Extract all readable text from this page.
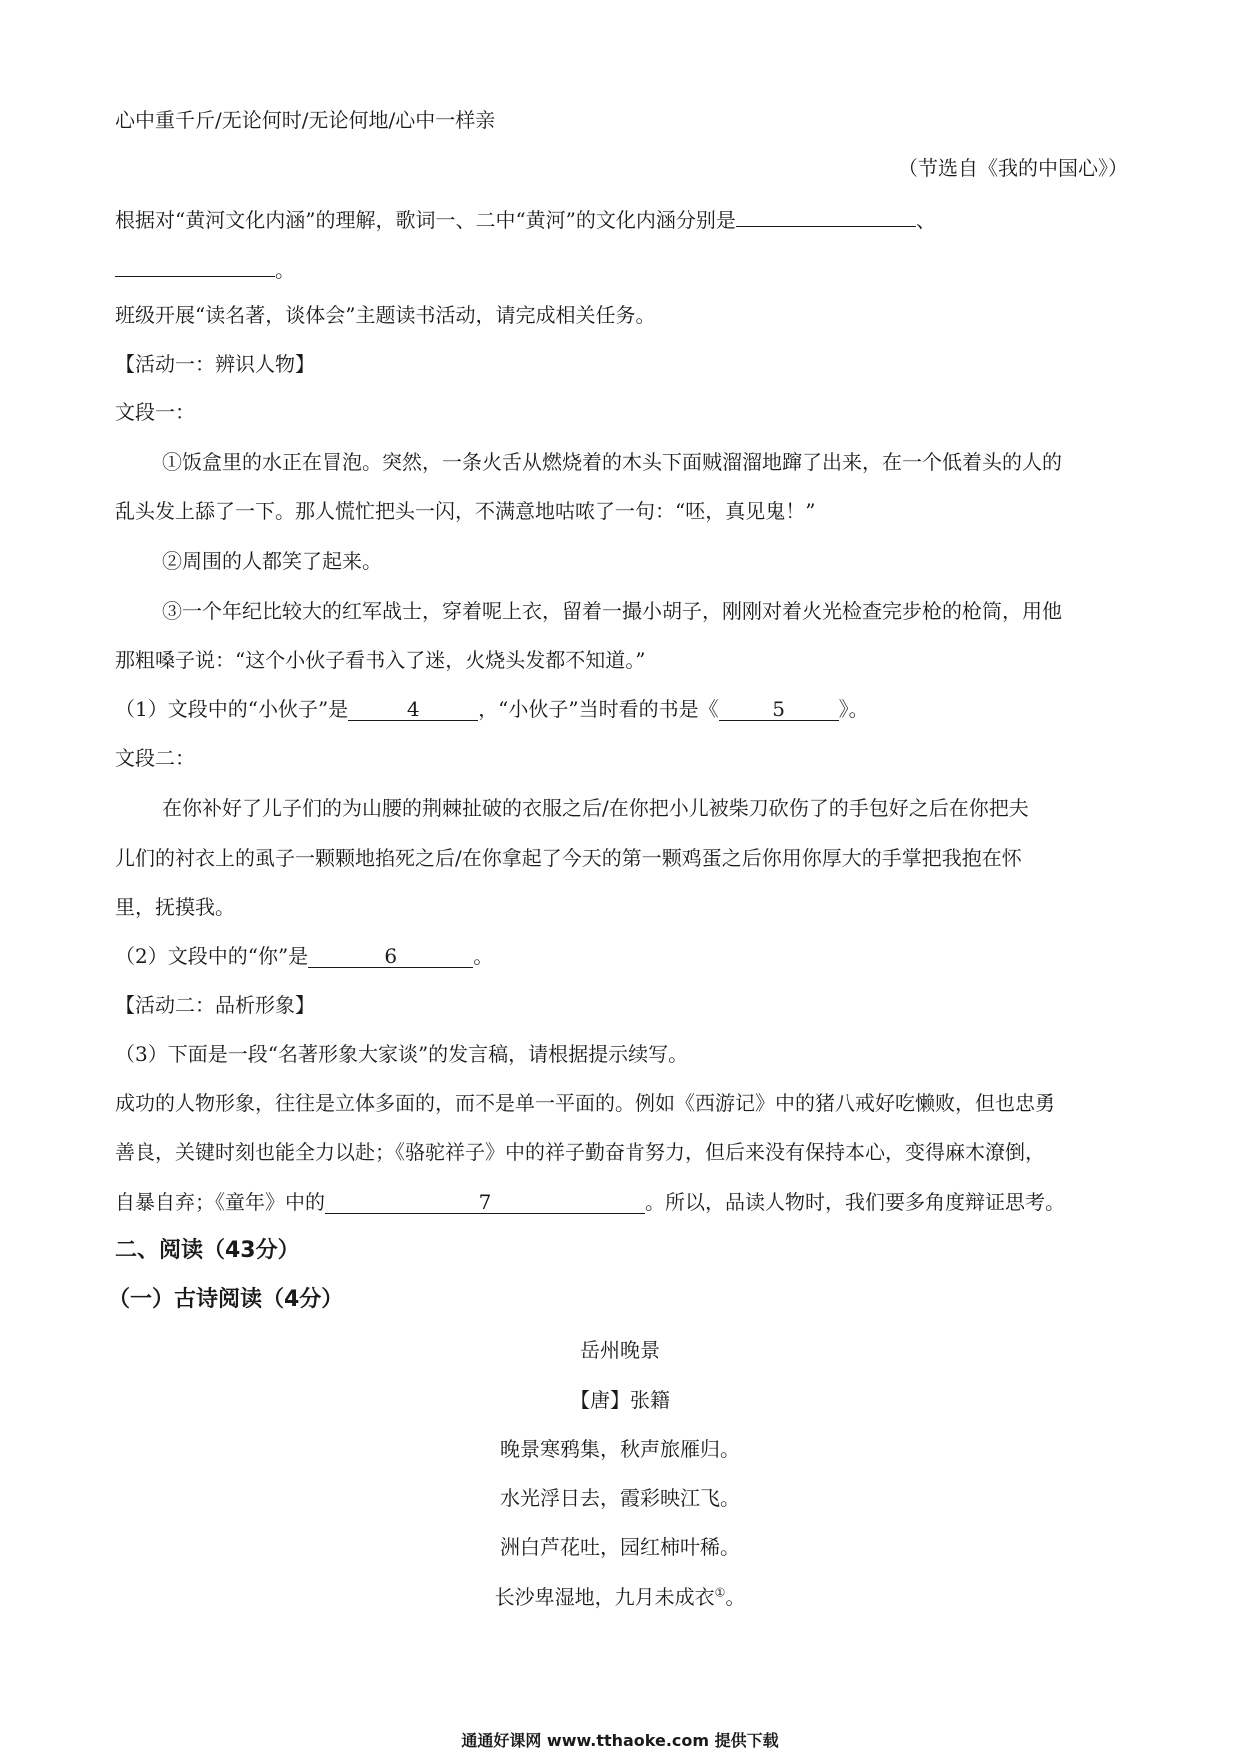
心中重千斤/无论何时/无论何地/心中一样亲
（节选自《我的中国心》）
根据对“黄河文化内涵”的理解，歌词一、二中“黄河”的文化内涵分别是	、
。
班级开展“读名著，谈体会”主题读书活动，请完成相关任务。
【活动一：辨识人物】
文段一：
①饭盒里的水正在冒泡。突然，一条火舌从燃烧着的木头下面贼溜溜地蹿了出来，在一个低着头的人的
乱头发上舔了一下。那人慌忙把头一闪，不满意地咕哝了一句：“呸，真见鬼！”
②周围的人都笑了起来。
③一个年纪比较大的红军战士，穿着呢上衣，留着一撮小胡子，刚刚对着火光检查完步枪的枪筒，用他
那粗嗓子说：“这个小伙子看书入了迷，火烧头发都不知道。”
（1）文段中的“小伙子”是	4	，“小伙子”当时看的书是《	5	》。
文段二：
在你补好了儿子们的为山腰的荆棘扯破的衣服之后/在你把小儿被柴刀砍伤了的手包好之后在你把夫
儿们的衬衣上的虱子一颗颗地掐死之后/在你拿起了今天的第一颗鸡蛋之后你用你厚大的手掌把我抱在怀
里，抚摸我。
（2）文段中的“你”是	6	。
【活动二：品析形象】
（3）下面是一段“名著形象大家谈”的发言稿，请根据提示续写。
成功的人物形象，往往是立体多面的，而不是单一平面的。例如《西游记》中的猪八戒好吃懒败，但也忠勇
善良，关键时刻也能全力以赴；《骆驼祥子》中的祥子勤奋肯努力，但后来没有保持本心，变得麻木潦倒，
自暴自弃；《童年》中的	7	。所以，品读人物时，我们要多角度辩证思考。
二、阅读（43分）
（一）古诗阅读（4分）
岳州晚景
【唐】张籍
晚景寒鸦集，秋声旅雁归。
水光浮日去，霞彩映江飞。
洲白芦花吐，园红柿叶稀。
长沙卑湿地，九月未成衣①。
通通好课网 www.tthaoke.com 提供下载
